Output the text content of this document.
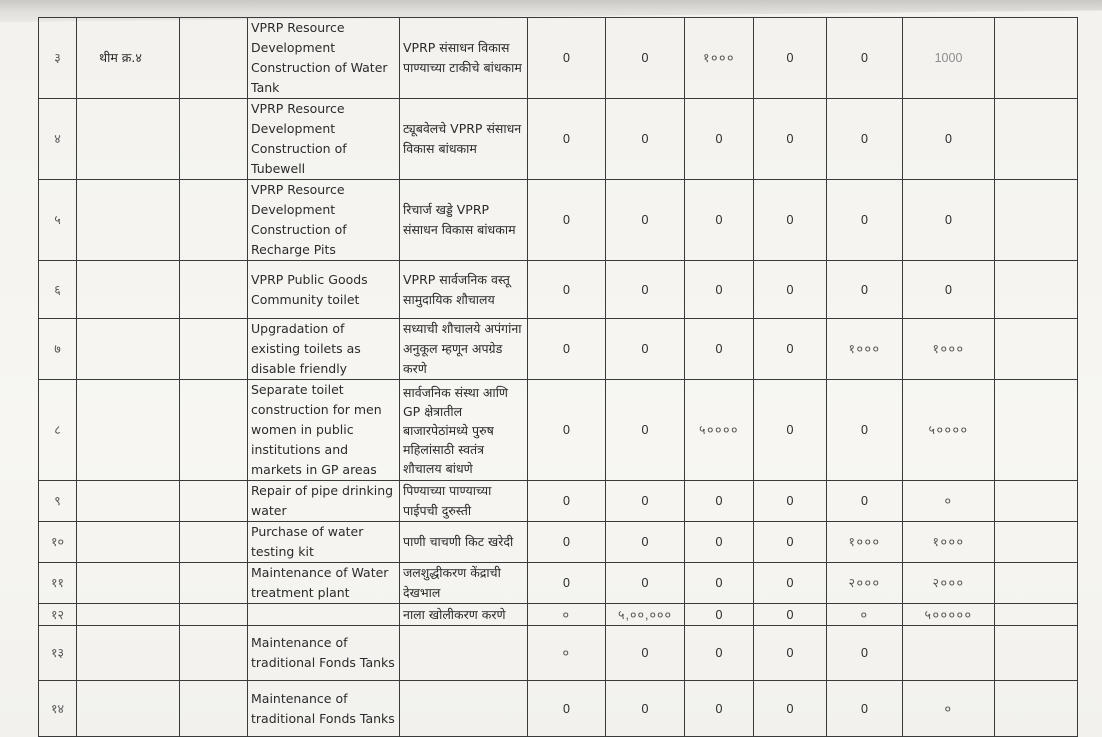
३	थीम क्र.४		VPRP Resource Development Construction of Water Tank	VPRP संसाधन विकास पाण्याच्या टाकीचे बांधकाम	0	0	१०००	0	0	1000	
४			VPRP Resource Development Construction of Tubewell	ट्यूबवेलचे VPRP संसाधन विकास बांधकाम	0	0	0	0	0	0	
५			VPRP Resource Development Construction of Recharge Pits	रिचार्ज खड्डे VPRP संसाधन विकास बांधकाम	0	0	0	0	0	0	
६			VPRP Public Goods Community toilet	VPRP सार्वजनिक वस्तू सामुदायिक शौचालय	0	0	0	0	0	0	
७			Upgradation of existing toilets as disable friendly	सध्याची शौचालये अपंगांना अनुकूल म्हणून अपग्रेड करणे	0	0	0	0	१०००	१०००	
८			Separate toilet construction for men women in public institutions and markets in GP areas	सार्वजनिक संस्था आणि GP क्षेत्रातील बाजारपेठांमध्ये पुरुष महिलांसाठी स्वतंत्र शौचालय बांधणे	0	0	५००००	0	0	५००००	
९			Repair of pipe drinking water	पिण्याच्या पाण्याच्या पाईपची दुरुस्ती	0	0	0	0	0	०	
१०			Purchase of water testing kit	पाणी चाचणी किट खरेदी	0	0	0	0	१०००	१०००	
११			Maintenance of Water treatment plant	जलशुद्धीकरण केंद्राची देखभाल	0	0	0	0	२०००	२०००	
१२				नाला खोलीकरण करणे	०	५,००,०००	0	0	०	५०००००	
१३			Maintenance of traditional Fonds Tanks		०	0	0	0	0		
१४			Maintenance of traditional Fonds Tanks		0	0	0	0	0	०	
